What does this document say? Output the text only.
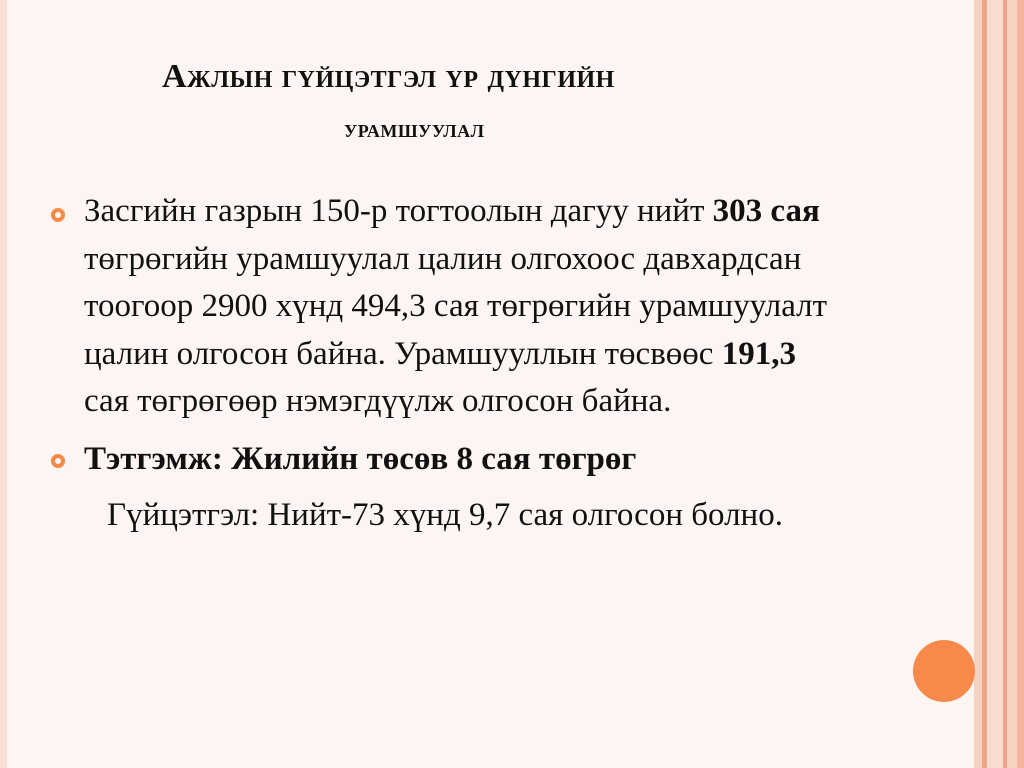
Ажлын гүйцэтгэл үр дүнгийн
урамшуулал
Засгийн газрын 150-р тогтоолын дагуу нийт 303 сая
төгрөгийн урамшуулал цалин олгохоос давхардсан
тоогоор 2900 хүнд 494,3 сая төгрөгийн урамшуулалт
цалин олгосон байна. Урамшууллын төсвөөс 191,3
сая төгрөгөөр нэмэгдүүлж олгосон байна.
Тэтгэмж: Жилийн төсөв 8 сая төгрөг
Гүйцэтгэл: Нийт-73 хүнд 9,7 сая олгосон болно.
